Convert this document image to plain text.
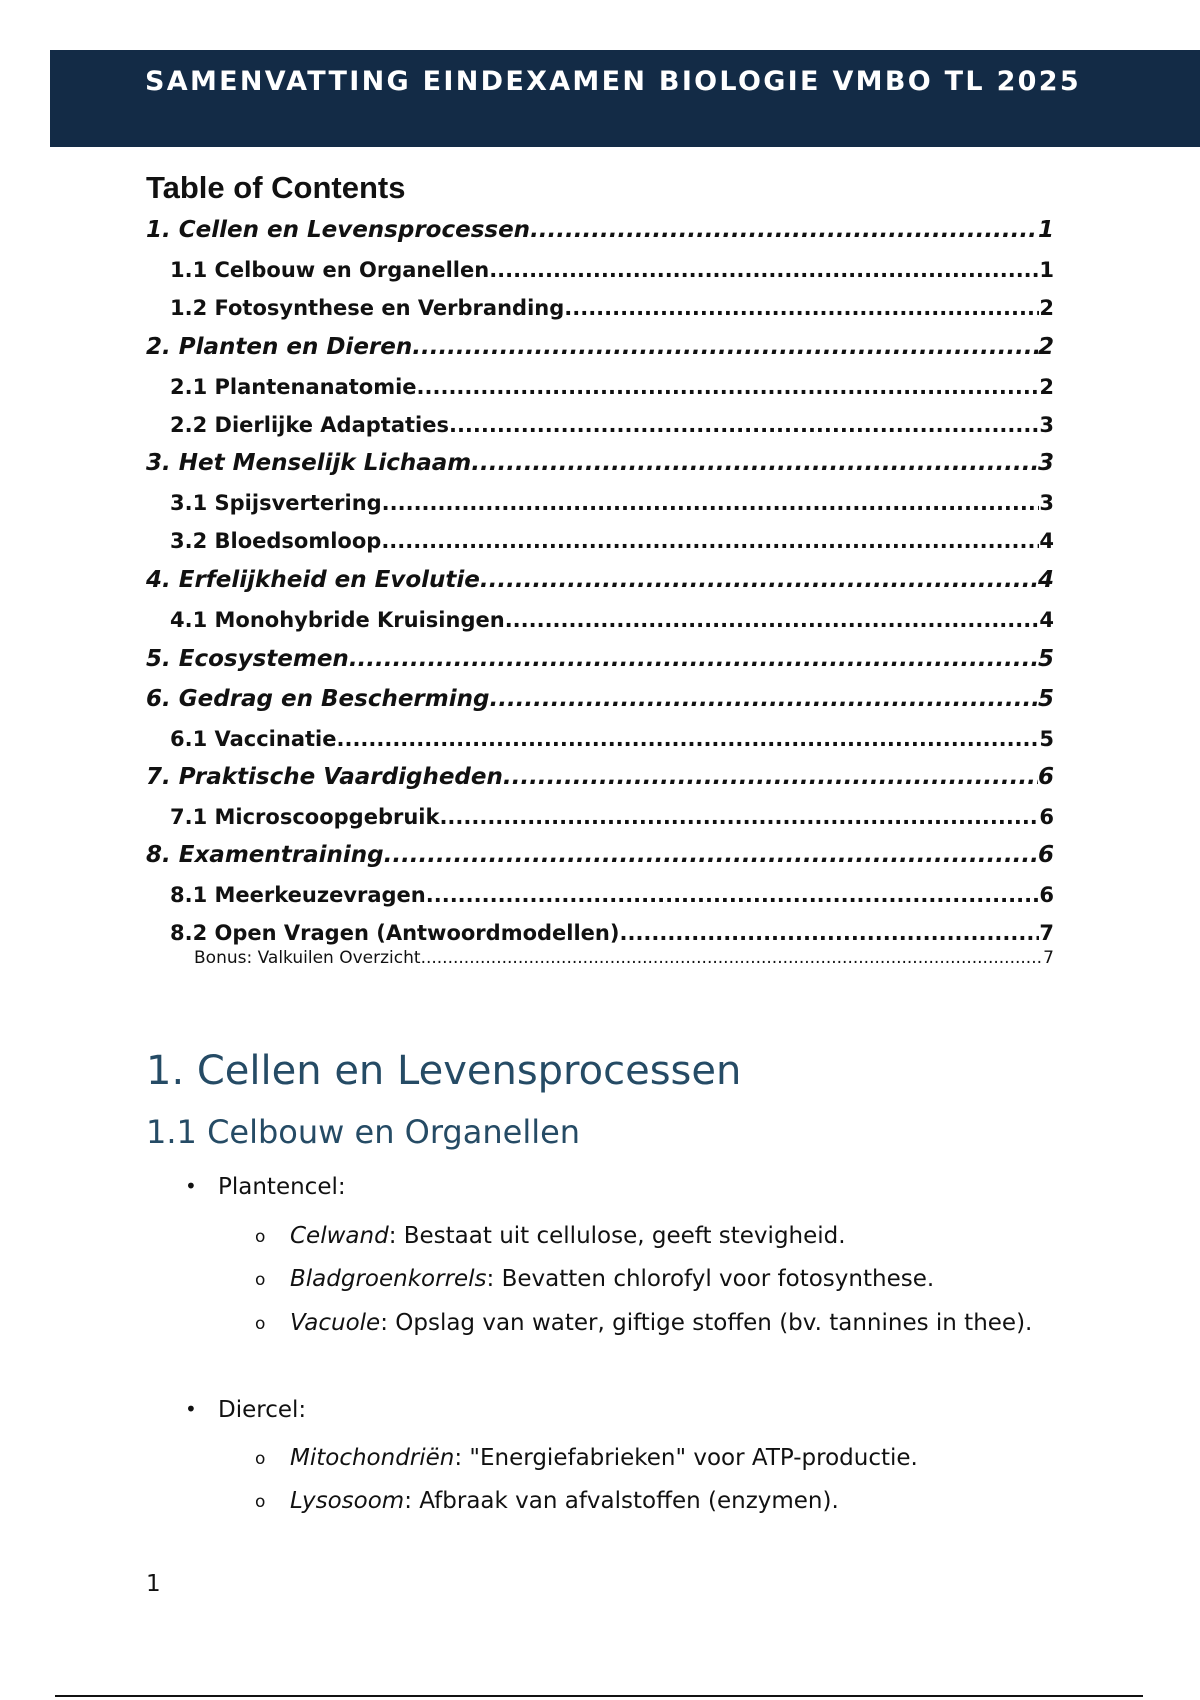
SAMENVATTING EINDEXAMEN BIOLOGIE VMBO TL 2025
Table of Contents
1. Cellen en Levensprocessen .....	1
1.1 Celbouw en Organellen .....	1
1.2 Fotosynthese en Verbranding .....	2
2. Planten en Dieren .....	2
2.1 Plantenanatomie .....	2
2.2 Dierlijke Adaptaties .....	3
3. Het Menselijk Lichaam .....	3
3.1 Spijsvertering .....	3
3.2 Bloedsomloop .....	4
4. Erfelijkheid en Evolutie .....	4
4.1 Monohybride Kruisingen .....	4
5. Ecosystemen .....	5
6. Gedrag en Bescherming .....	5
6.1 Vaccinatie .....	5
7. Praktische Vaardigheden .....	6
7.1 Microscoopgebruik .....	6
8. Examentraining .....	6
8.1 Meerkeuzevragen .....	6
8.2 Open Vragen (Antwoordmodellen) .....	7
Bonus: Valkuilen Overzicht .....	7
1. Cellen en Levensprocessen
1.1 Celbouw en Organellen
• Plantencel:
o Celwand: Bestaat uit cellulose, geeft stevigheid.
o Bladgroenkorrels: Bevatten chlorofyl voor fotosynthese.
o Vacuole: Opslag van water, giftige stoffen (bv. tannines in thee).
• Diercel:
o Mitochondriën: "Energiefabrieken" voor ATP-productie.
o Lysosoom: Afbraak van afvalstoffen (enzymen).
1
